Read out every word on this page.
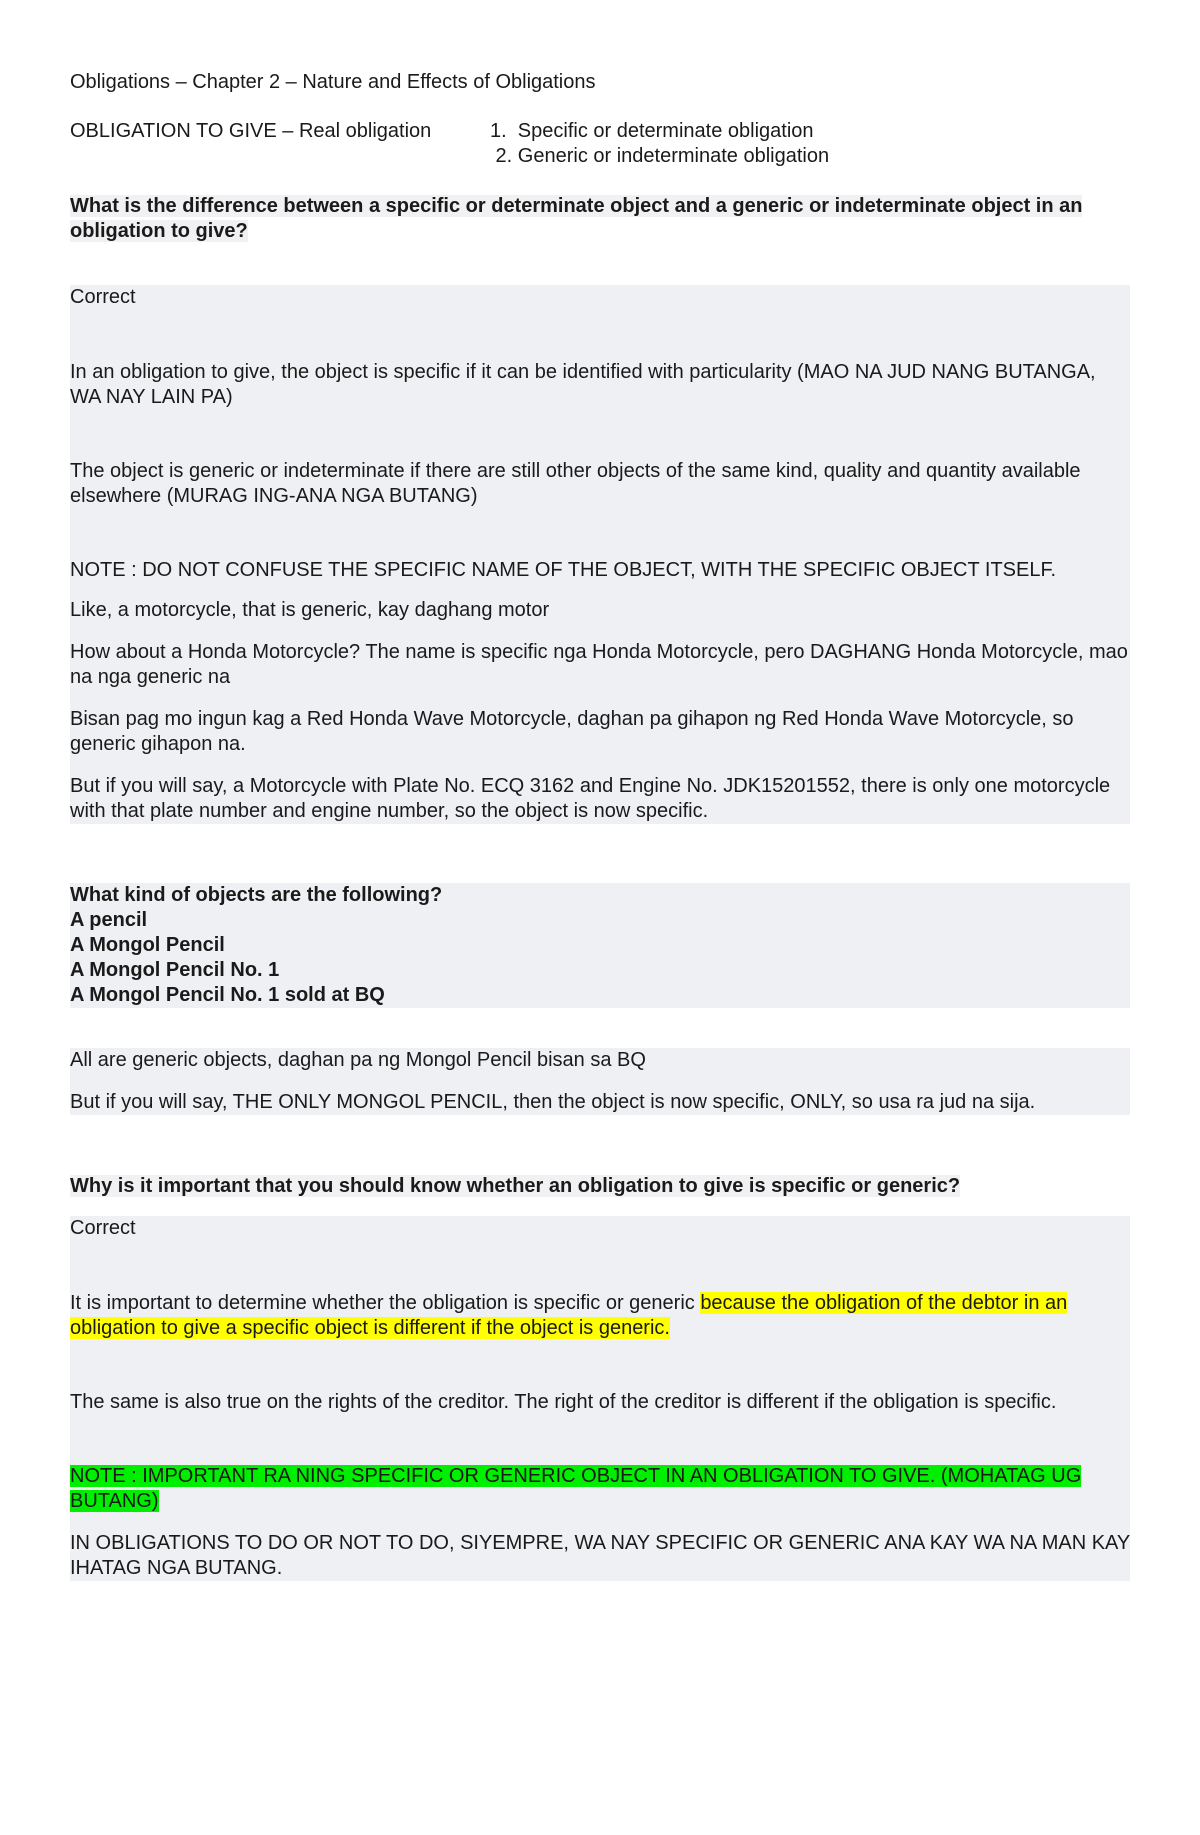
Obligations – Chapter 2 – Nature and Effects of Obligations

OBLIGATION TO GIVE – Real obligation	1.  Specific or determinate obligation
2. Generic or indeterminate obligation

What is the difference between a specific or determinate object and a generic or indeterminate object in an obligation to give?

Correct

In an obligation to give, the object is specific if it can be identified with particularity (MAO NA JUD NANG BUTANGA, WA NAY LAIN PA)

The object is generic or indeterminate if there are still other objects of the same kind, quality and quantity available elsewhere (MURAG ING-ANA NGA BUTANG)

NOTE : DO NOT CONFUSE THE SPECIFIC NAME OF THE OBJECT, WITH THE SPECIFIC OBJECT ITSELF.

Like, a motorcycle, that is generic, kay daghang motor

How about a Honda Motorcycle? The name is specific nga Honda Motorcycle, pero DAGHANG Honda Motorcycle, mao na nga generic na

Bisan pag mo ingun kag a Red Honda Wave Motorcycle, daghan pa gihapon ng Red Honda Wave Motorcycle, so generic gihapon na.

But if you will say, a Motorcycle with Plate No. ECQ 3162 and Engine No. JDK15201552, there is only one motorcycle with that plate number and engine number, so the object is now specific.

What kind of objects are the following?

A pencil

A Mongol Pencil

A Mongol Pencil No. 1

A Mongol Pencil No. 1 sold at BQ

All are generic objects, daghan pa ng Mongol Pencil bisan sa BQ

But if you will say, THE ONLY MONGOL PENCIL, then the object is now specific, ONLY, so usa ra jud na sija.

Why is it important that you should know whether an obligation to give is specific or generic?

Correct

It is important to determine whether the obligation is specific or generic because the obligation of the debtor in an obligation to give a specific object is different if the object is generic.

The same is also true on the rights of the creditor. The right of the creditor is different if the obligation is specific.

NOTE : IMPORTANT RA NING SPECIFIC OR GENERIC OBJECT IN AN OBLIGATION TO GIVE. (MOHATAG UG BUTANG)

IN OBLIGATIONS TO DO OR NOT TO DO, SIYEMPRE, WA NAY SPECIFIC OR GENERIC ANA KAY WA NA MAN KAY IHATAG NGA BUTANG.
